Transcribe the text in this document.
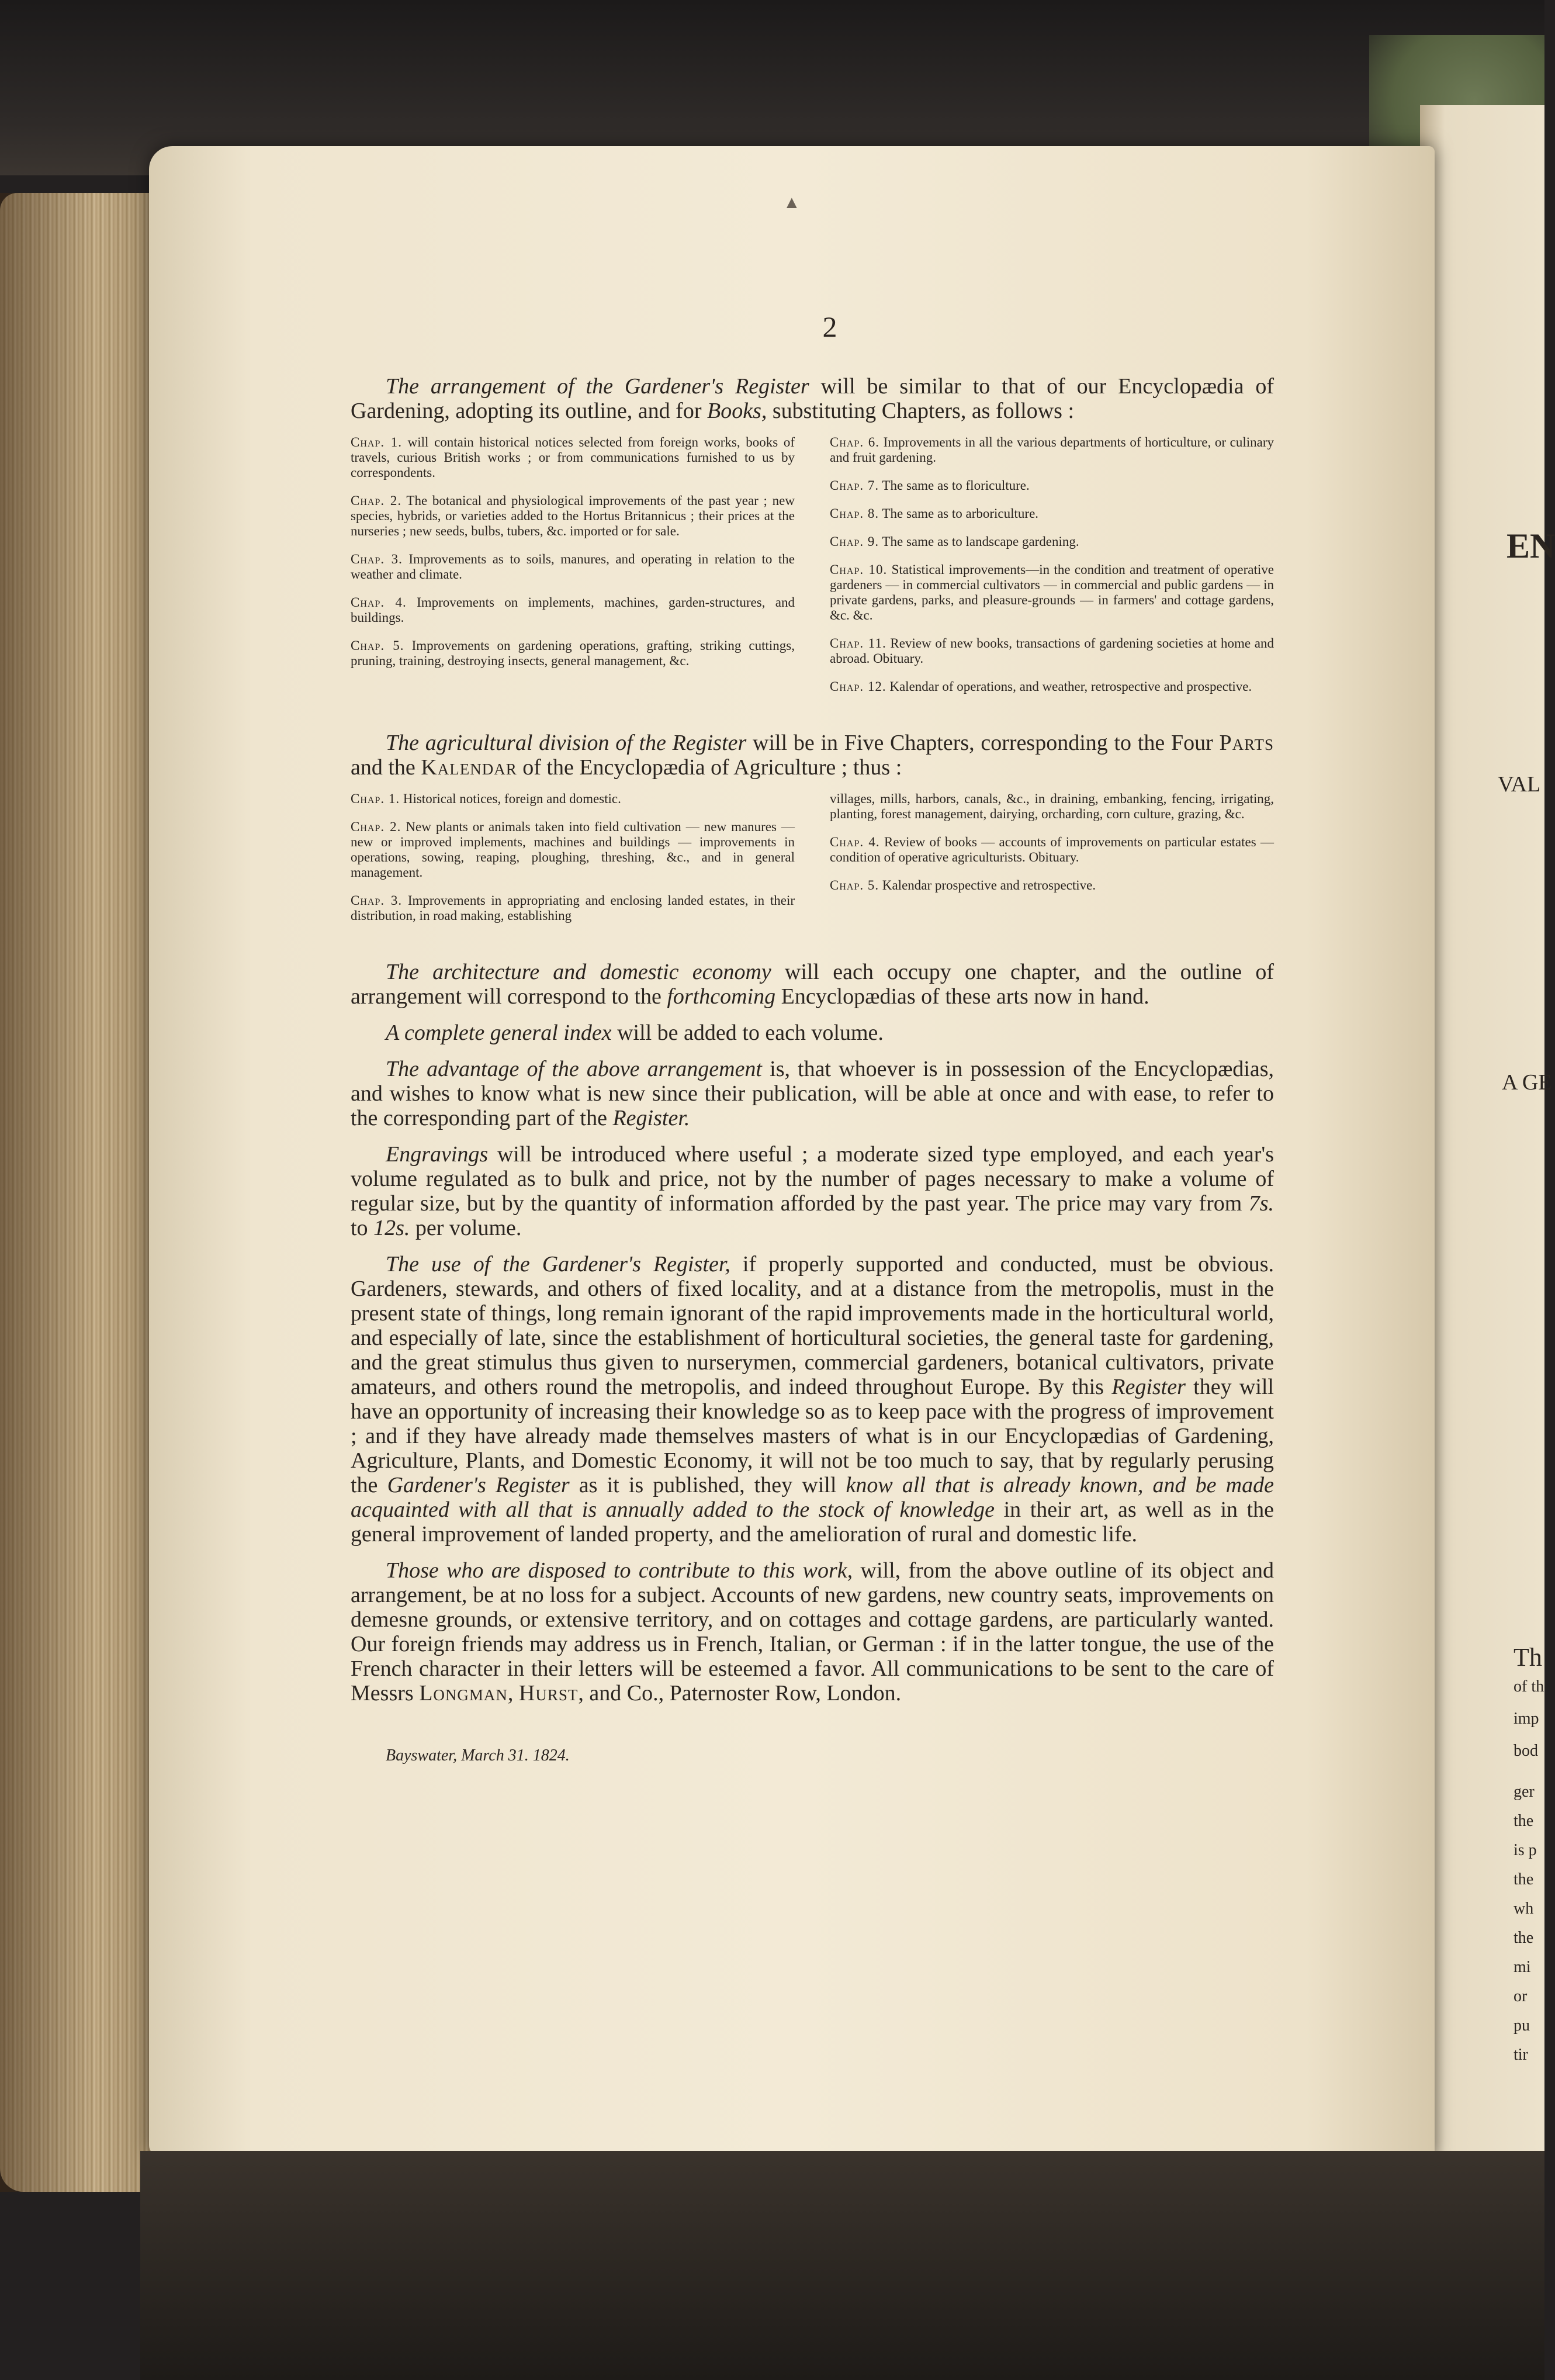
▲
2

The arrangement of the Gardener's Register will be similar to that of our Encyclopædia of Gardening, adopting its outline, and for Books, substituting Chapters, as follows :

Chap. 1. will contain historical notices selected from foreign works, books of travels, curious British works ; or from communications furnished to us by correspondents.

Chap. 2. The botanical and physiological improvements of the past year ; new species, hybrids, or varieties added to the Hortus Britannicus ; their prices at the nurseries ; new seeds, bulbs, tubers, &c. imported or for sale.

Chap. 3. Improvements as to soils, manures, and operating in relation to the weather and climate.

Chap. 4. Improvements on implements, machines, garden-structures, and buildings.

Chap. 5. Improvements on gardening operations, grafting, striking cuttings, pruning, training, destroying insects, general management, &c.

Chap. 6. Improvements in all the various departments of horticulture, or culinary and fruit gardening.

Chap. 7. The same as to floriculture.

Chap. 8. The same as to arboriculture.

Chap. 9. The same as to landscape gardening.

Chap. 10. Statistical improvements—in the condition and treatment of operative gardeners — in commercial cultivators — in commercial and public gardens — in private gardens, parks, and pleasure-grounds — in farmers' and cottage gardens, &c. &c.

Chap. 11. Review of new books, transactions of gardening societies at home and abroad. Obituary.

Chap. 12. Kalendar of operations, and weather, retrospective and prospective.

The agricultural division of the Register will be in Five Chapters, corresponding to the Four Parts and the Kalendar of the Encyclopædia of Agriculture ; thus :

Chap. 1. Historical notices, foreign and domestic.

Chap. 2. New plants or animals taken into field cultivation — new manures — new or improved implements, machines and buildings — improvements in operations, sowing, reaping, ploughing, threshing, &c., and in general management.

Chap. 3. Improvements in appropriating and enclosing landed estates, in their distribution, in road making, establishing

villages, mills, harbors, canals, &c., in draining, embanking, fencing, irrigating, planting, forest management, dairying, orcharding, corn culture, grazing, &c.

Chap. 4. Review of books — accounts of improvements on particular estates — condition of operative agriculturists. Obituary.

Chap. 5. Kalendar prospective and retrospective.

The architecture and domestic economy will each occupy one chapter, and the outline of arrangement will correspond to the forthcoming Encyclopædias of these arts now in hand.

A complete general index will be added to each volume.

The advantage of the above arrangement is, that whoever is in possession of the Encyclopædias, and wishes to know what is new since their publication, will be able at once and with ease, to refer to the corresponding part of the Register.

Engravings will be introduced where useful ; a moderate sized type employed, and each year's volume regulated as to bulk and price, not by the number of pages necessary to make a volume of regular size, but by the quantity of information afforded by the past year. The price may vary from 7s. to 12s. per volume.

The use of the Gardener's Register, if properly supported and conducted, must be obvious. Gardeners, stewards, and others of fixed locality, and at a distance from the metropolis, must in the present state of things, long remain ignorant of the rapid improvements made in the horticultural world, and especially of late, since the establishment of horticultural societies, the general taste for gardening, and the great stimulus thus given to nurserymen, commercial gardeners, botanical cultivators, private amateurs, and others round the metropolis, and indeed throughout Europe. By this Register they will have an opportunity of increasing their knowledge so as to keep pace with the progress of improvement ; and if they have already made themselves masters of what is in our Encyclopædias of Gardening, Agriculture, Plants, and Domestic Economy, it will not be too much to say, that by regularly perusing the Gardener's Register as it is published, they will know all that is already known, and be made acquainted with all that is annually added to the stock of knowledge in their art, as well as in the general improvement of landed property, and the amelioration of rural and domestic life.

Those who are disposed to contribute to this work, will, from the above outline of its object and arrangement, be at no loss for a subject. Accounts of new gardens, new country seats, improvements on demesne grounds, or extensive territory, and on cottages and cottage gardens, are particularly wanted. Our foreign friends may address us in French, Italian, or German : if in the latter tongue, the use of the French character in their letters will be esteemed a favor. All communications to be sent to the care of Messrs Longman, Hurst, and Co., Paternoster Row, London.

Bayswater, March 31. 1824.
EN
VAL
A GE
Th
of th
imp
bod
ger
the
is p
the
wh
the
mi
or
pu
tir
